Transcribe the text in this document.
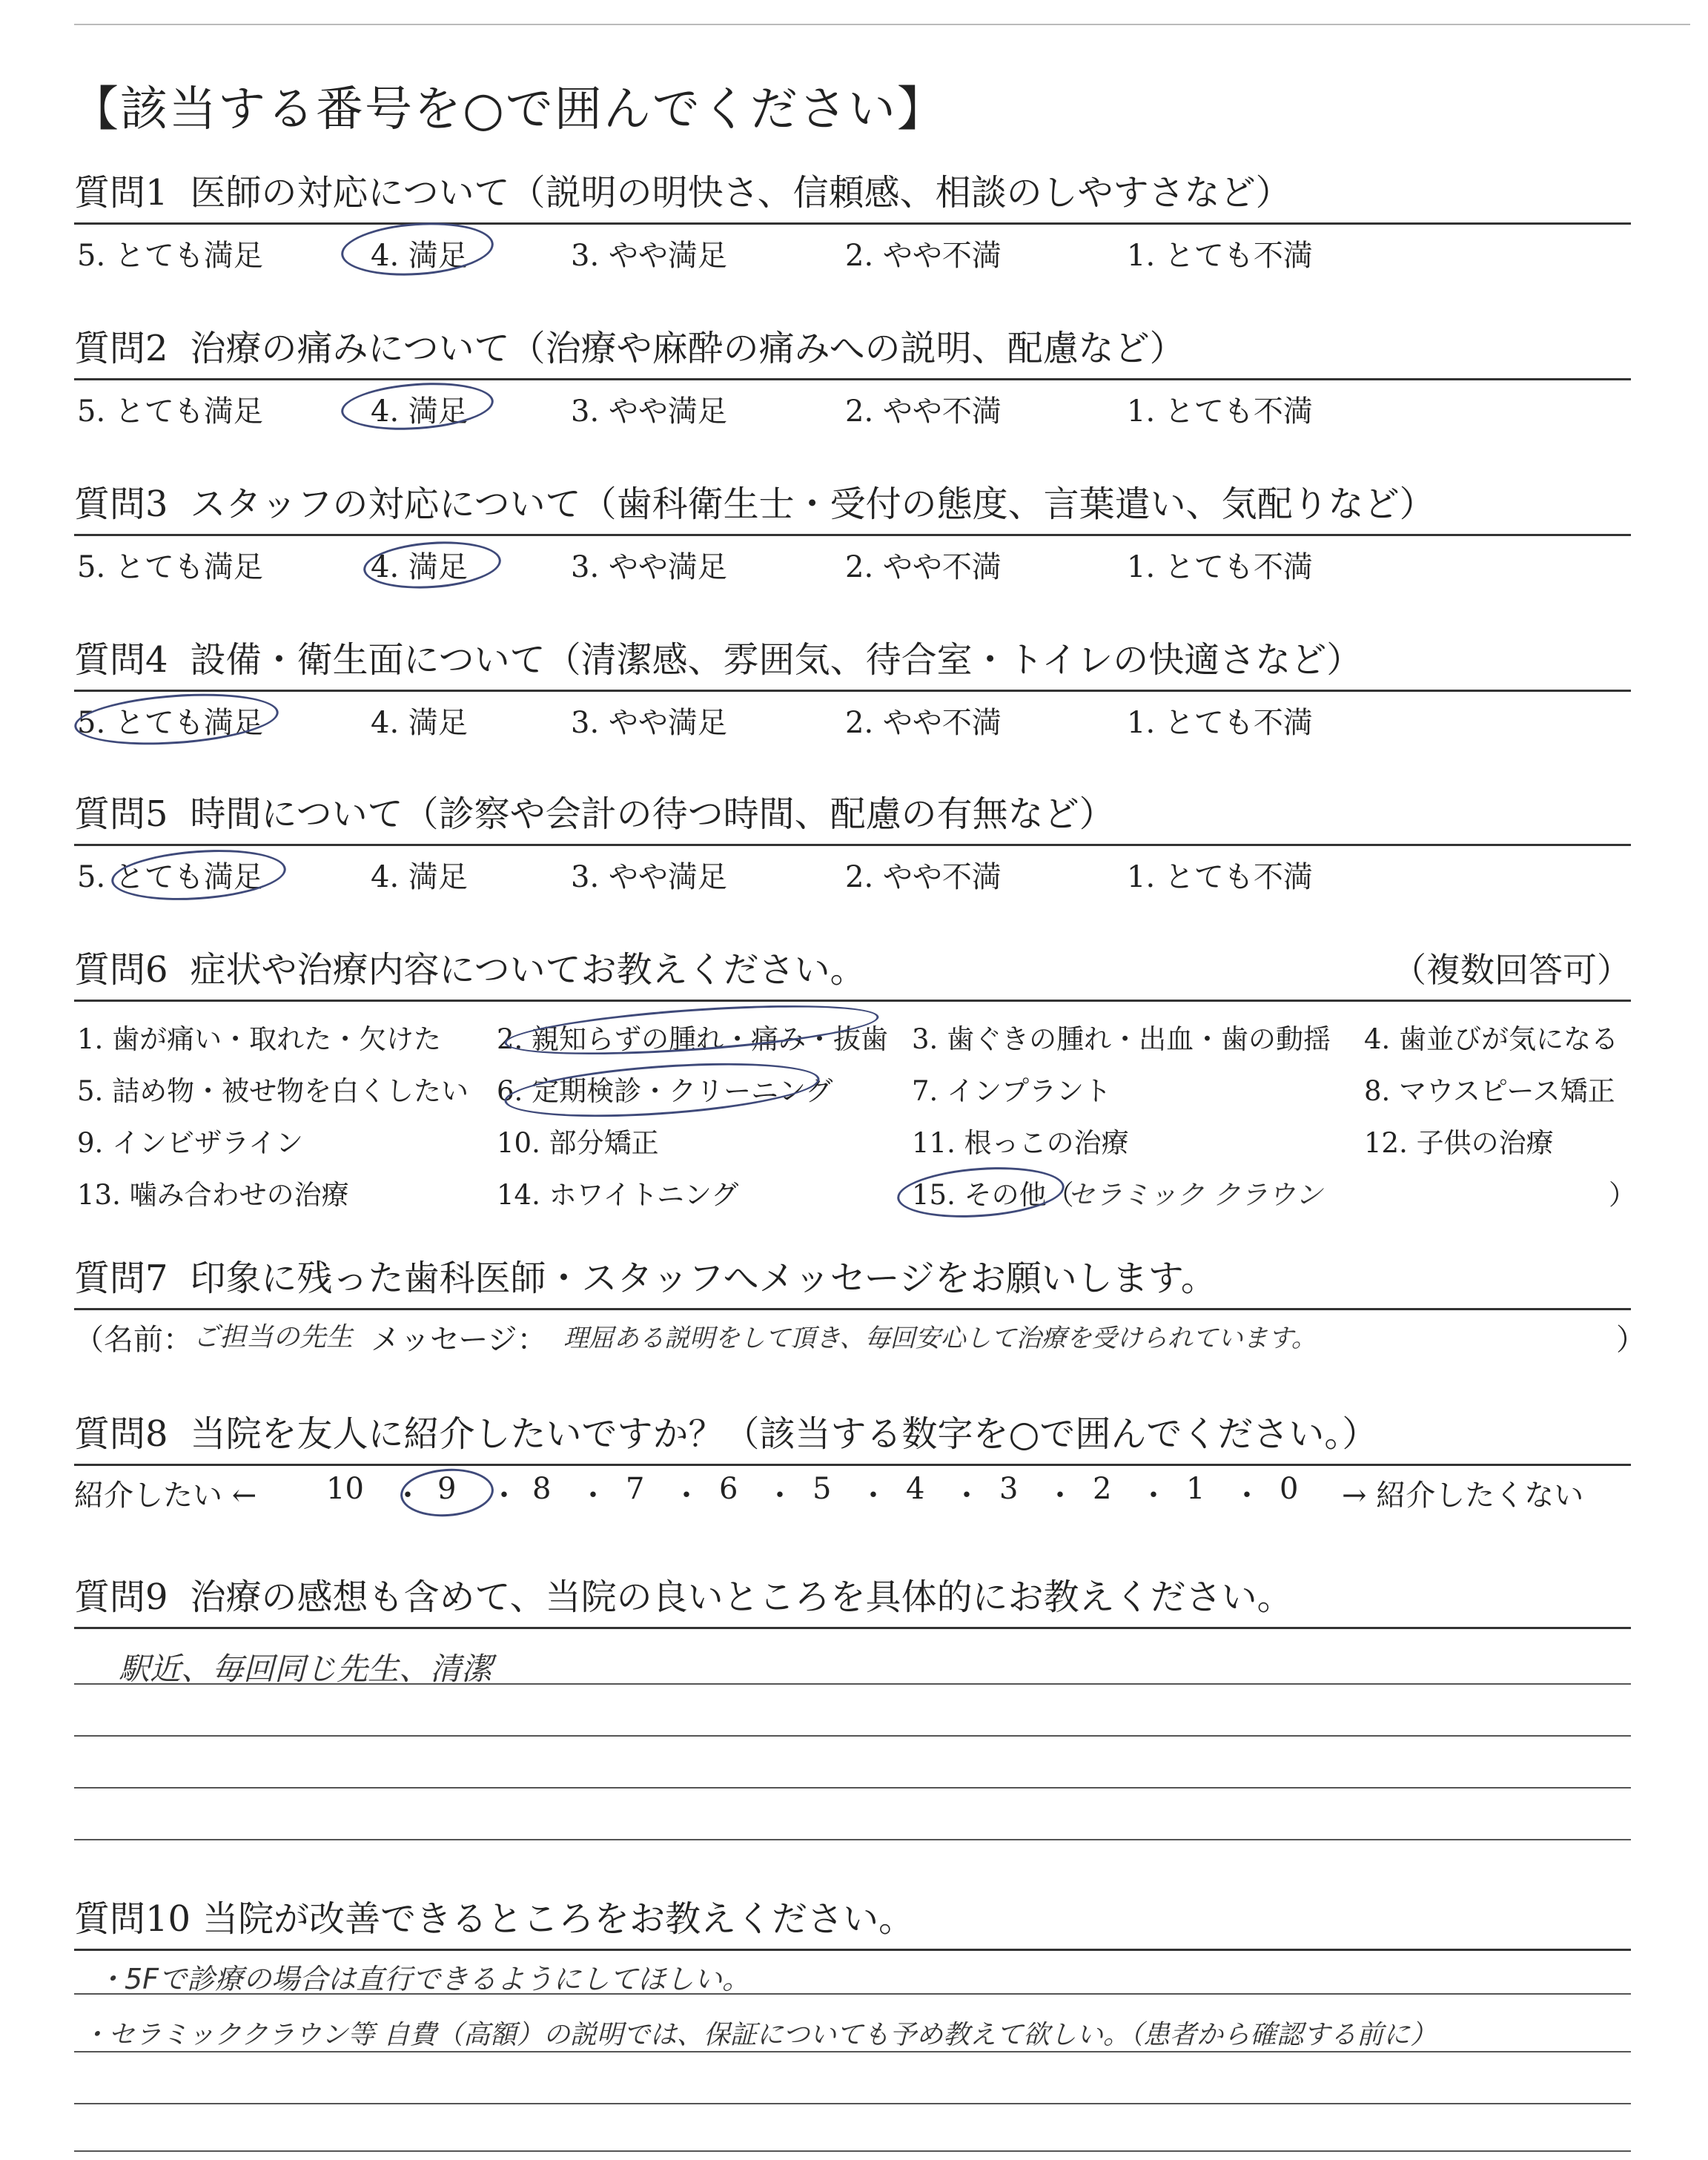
【該当する番号を○で囲んでください】
質問1 医師の対応について（説明の明快さ、信頼感、相談のしやすさなど）
5. とても満足	4. 満足	3. やや満足	2. やや不満	1. とても不満
質問2 治療の痛みについて（治療や麻酔の痛みへの説明、配慮など）
5. とても満足	4. 満足	3. やや満足	2. やや不満	1. とても不満
質問3 スタッフの対応について（歯科衛生士・受付の態度、言葉遣い、気配りなど）
5. とても満足	4. 満足	3. やや満足	2. やや不満	1. とても不満
質問4 設備・衛生面について（清潔感、雰囲気、待合室・トイレの快適さなど）
5. とても満足	4. 満足	3. やや満足	2. やや不満	1. とても不満
質問5 時間について（診察や会計の待つ時間、配慮の有無など）
5. とても満足	4. 満足	3. やや満足	2. やや不満	1. とても不満
質問6 症状や治療内容についてお教えください。	（複数回答可）
1. 歯が痛い・取れた・欠けた 2. 親知らずの腫れ・痛み・抜歯 3. 歯ぐきの腫れ・出血・歯の動揺 4. 歯並びが気になる
5. 詰め物・被せ物を白くしたい 6. 定期検診・クリーニング	7. インプラント	8. マウスピース矯正
9. インビザライン	10. 部分矯正	11. 根っこの治療	12. 子供の治療
13. 噛み合わせの治療	14. ホワイトニング	15. その他（
セラミック クラウン	）
質問7 印象に残った歯科医師・スタッフへメッセージをお願いします。
（名前： ご担当の先生 メッセージ： 理屈ある説明をして頂き、毎回安心して治療を受けられています。	）
質問8 当院を友人に紹介したいですか？（該当する数字を○で囲んでください。）
紹介したい ← 10 ・ 9 ・ 8 ・ 7 ・ 6 ・ 5 ・ 4 ・ 3 ・ 2 ・ 1 ・ 0 → 紹介したくない
質問9 治療の感想も含めて、当院の良いところを具体的にお教えください。
駅近、毎回同じ先生、清潔
質問10 当院が改善できるところをお教えください。
・5Fで診療の場合は直行できるようにしてほしい。
・セラミッククラウン等 自費（高額）の説明では、保証についても予め教えて欲しい。（患者から確認する前に）
